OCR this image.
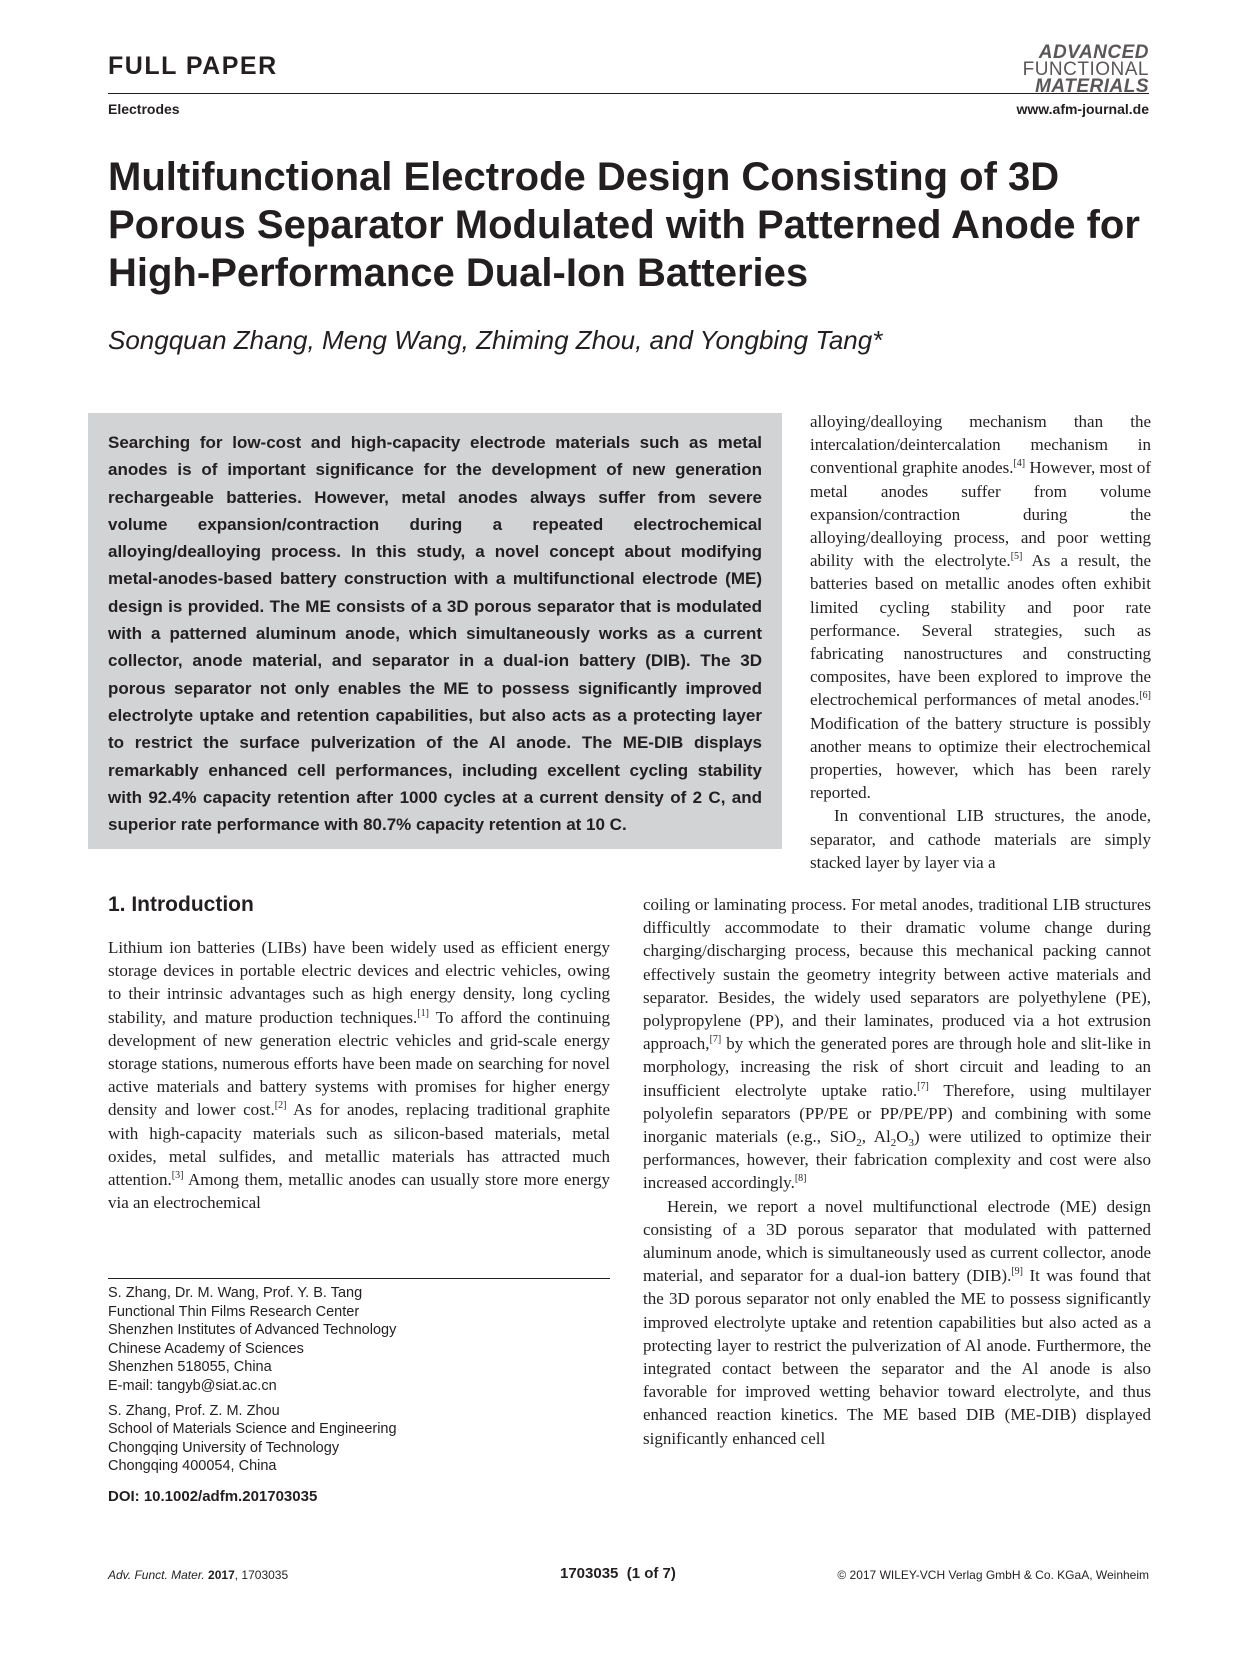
FULL PAPER
Electrodes
ADVANCED
FUNCTIONAL
MATERIALS
www.afm-journal.de
Multifunctional Electrode Design Consisting of 3D Porous Separator Modulated with Patterned Anode for High-Performance Dual-Ion Batteries
Songquan Zhang, Meng Wang, Zhiming Zhou, and Yongbing Tang*

Searching for low-cost and high-capacity electrode materials such as metal anodes is of important significance for the development of new generation rechargeable batteries. However, metal anodes always suffer from severe volume expansion/contraction during a repeated electrochemical alloying/dealloying process. In this study, a novel concept about modifying metal-anodes-based battery construction with a multifunctional electrode (ME) design is provided. The ME consists of a 3D porous separator that is modulated with a patterned aluminum anode, which simultaneously works as a current collector, anode material, and separator in a dual-ion battery (DIB). The 3D porous separator not only enables the ME to possess significantly improved electrolyte uptake and retention capabilities, but also acts as a protecting layer to restrict the surface pulverization of the Al anode. The ME-DIB displays remarkably enhanced cell performances, including excellent cycling stability with 92.4% capacity retention after 1000 cycles at a current density of 2 C, and superior rate performance with 80.7% capacity retention at 10 C.

alloying/dealloying mechanism than the intercalation/deintercalation mechanism in conventional graphite anodes.[4] However, most of metal anodes suffer from volume expansion/contraction during the alloying/dealloying process, and poor wetting ability with the electrolyte.[5] As a result, the batteries based on metallic anodes often exhibit limited cycling stability and poor rate performance. Several strategies, such as fabricating nanostructures and constructing composites, have been explored to improve the electrochemical performances of metal anodes.[6] Modification of the battery structure is possibly another means to optimize their electrochemical properties, however, which has been rarely reported.

In conventional LIB structures, the anode, separator, and cathode materials are simply stacked layer by layer via a

1. Introduction

Lithium ion batteries (LIBs) have been widely used as efficient energy storage devices in portable electric devices and electric vehicles, owing to their intrinsic advantages such as high energy density, long cycling stability, and mature production techniques.[1] To afford the continuing development of new generation electric vehicles and grid-scale energy storage stations, numerous efforts have been made on searching for novel active materials and battery systems with promises for higher energy density and lower cost.[2] As for anodes, replacing traditional graphite with high-capacity materials such as silicon-based materials, metal oxides, metal sulfides, and metallic materials has attracted much attention.[3] Among them, metallic anodes can usually store more energy via an electrochemical

coiling or laminating process. For metal anodes, traditional LIB structures difficultly accommodate to their dramatic volume change during charging/discharging process, because this mechanical packing cannot effectively sustain the geometry integrity between active materials and separator. Besides, the widely used separators are polyethylene (PE), polypropylene (PP), and their laminates, produced via a hot extrusion approach,[7] by which the generated pores are through hole and slit-like in morphology, increasing the risk of short circuit and leading to an insufficient electrolyte uptake ratio.[7] Therefore, using multilayer polyolefin separators (PP/PE or PP/PE/PP) and combining with some inorganic materials (e.g., SiO$_2$, $Al_2O_3$) were utilized to optimize their performances, however, their fabrication complexity and cost were also increased accordingly.[8]

Herein, we report a novel multifunctional electrode (ME) design consisting of a 3D porous separator that modulated with patterned aluminum anode, which is simultaneously used as current collector, anode material, and separator for a dual-ion battery (DIB).[9] It was found that the 3D porous separator not only enabled the ME to possess significantly improved electrolyte uptake and retention capabilities but also acted as a protecting layer to restrict the pulverization of Al anode. Furthermore, the integrated contact between the separator and the Al anode is also favorable for improved wetting behavior toward electrolyte, and thus enhanced reaction kinetics. The ME based DIB (ME-DIB) displayed significantly enhanced cell

S. Zhang, Dr. M. Wang, Prof. Y. B. Tang
Functional Thin Films Research Center
Shenzhen Institutes of Advanced Technology
Chinese Academy of Sciences
Shenzhen 518055, China
E-mail: tangyb@siat.ac.cn
S. Zhang, Prof. Z. M. Zhou
School of Materials Science and Engineering
Chongqing University of Technology
Chongqing 400054, China
DOI: 10.1002/adfm.201703035
Adv. Funct. Mater. 2017, 1703035	1703035  (1 of 7)	© 2017 WILEY-VCH Verlag GmbH & Co. KGaA, Weinheim
